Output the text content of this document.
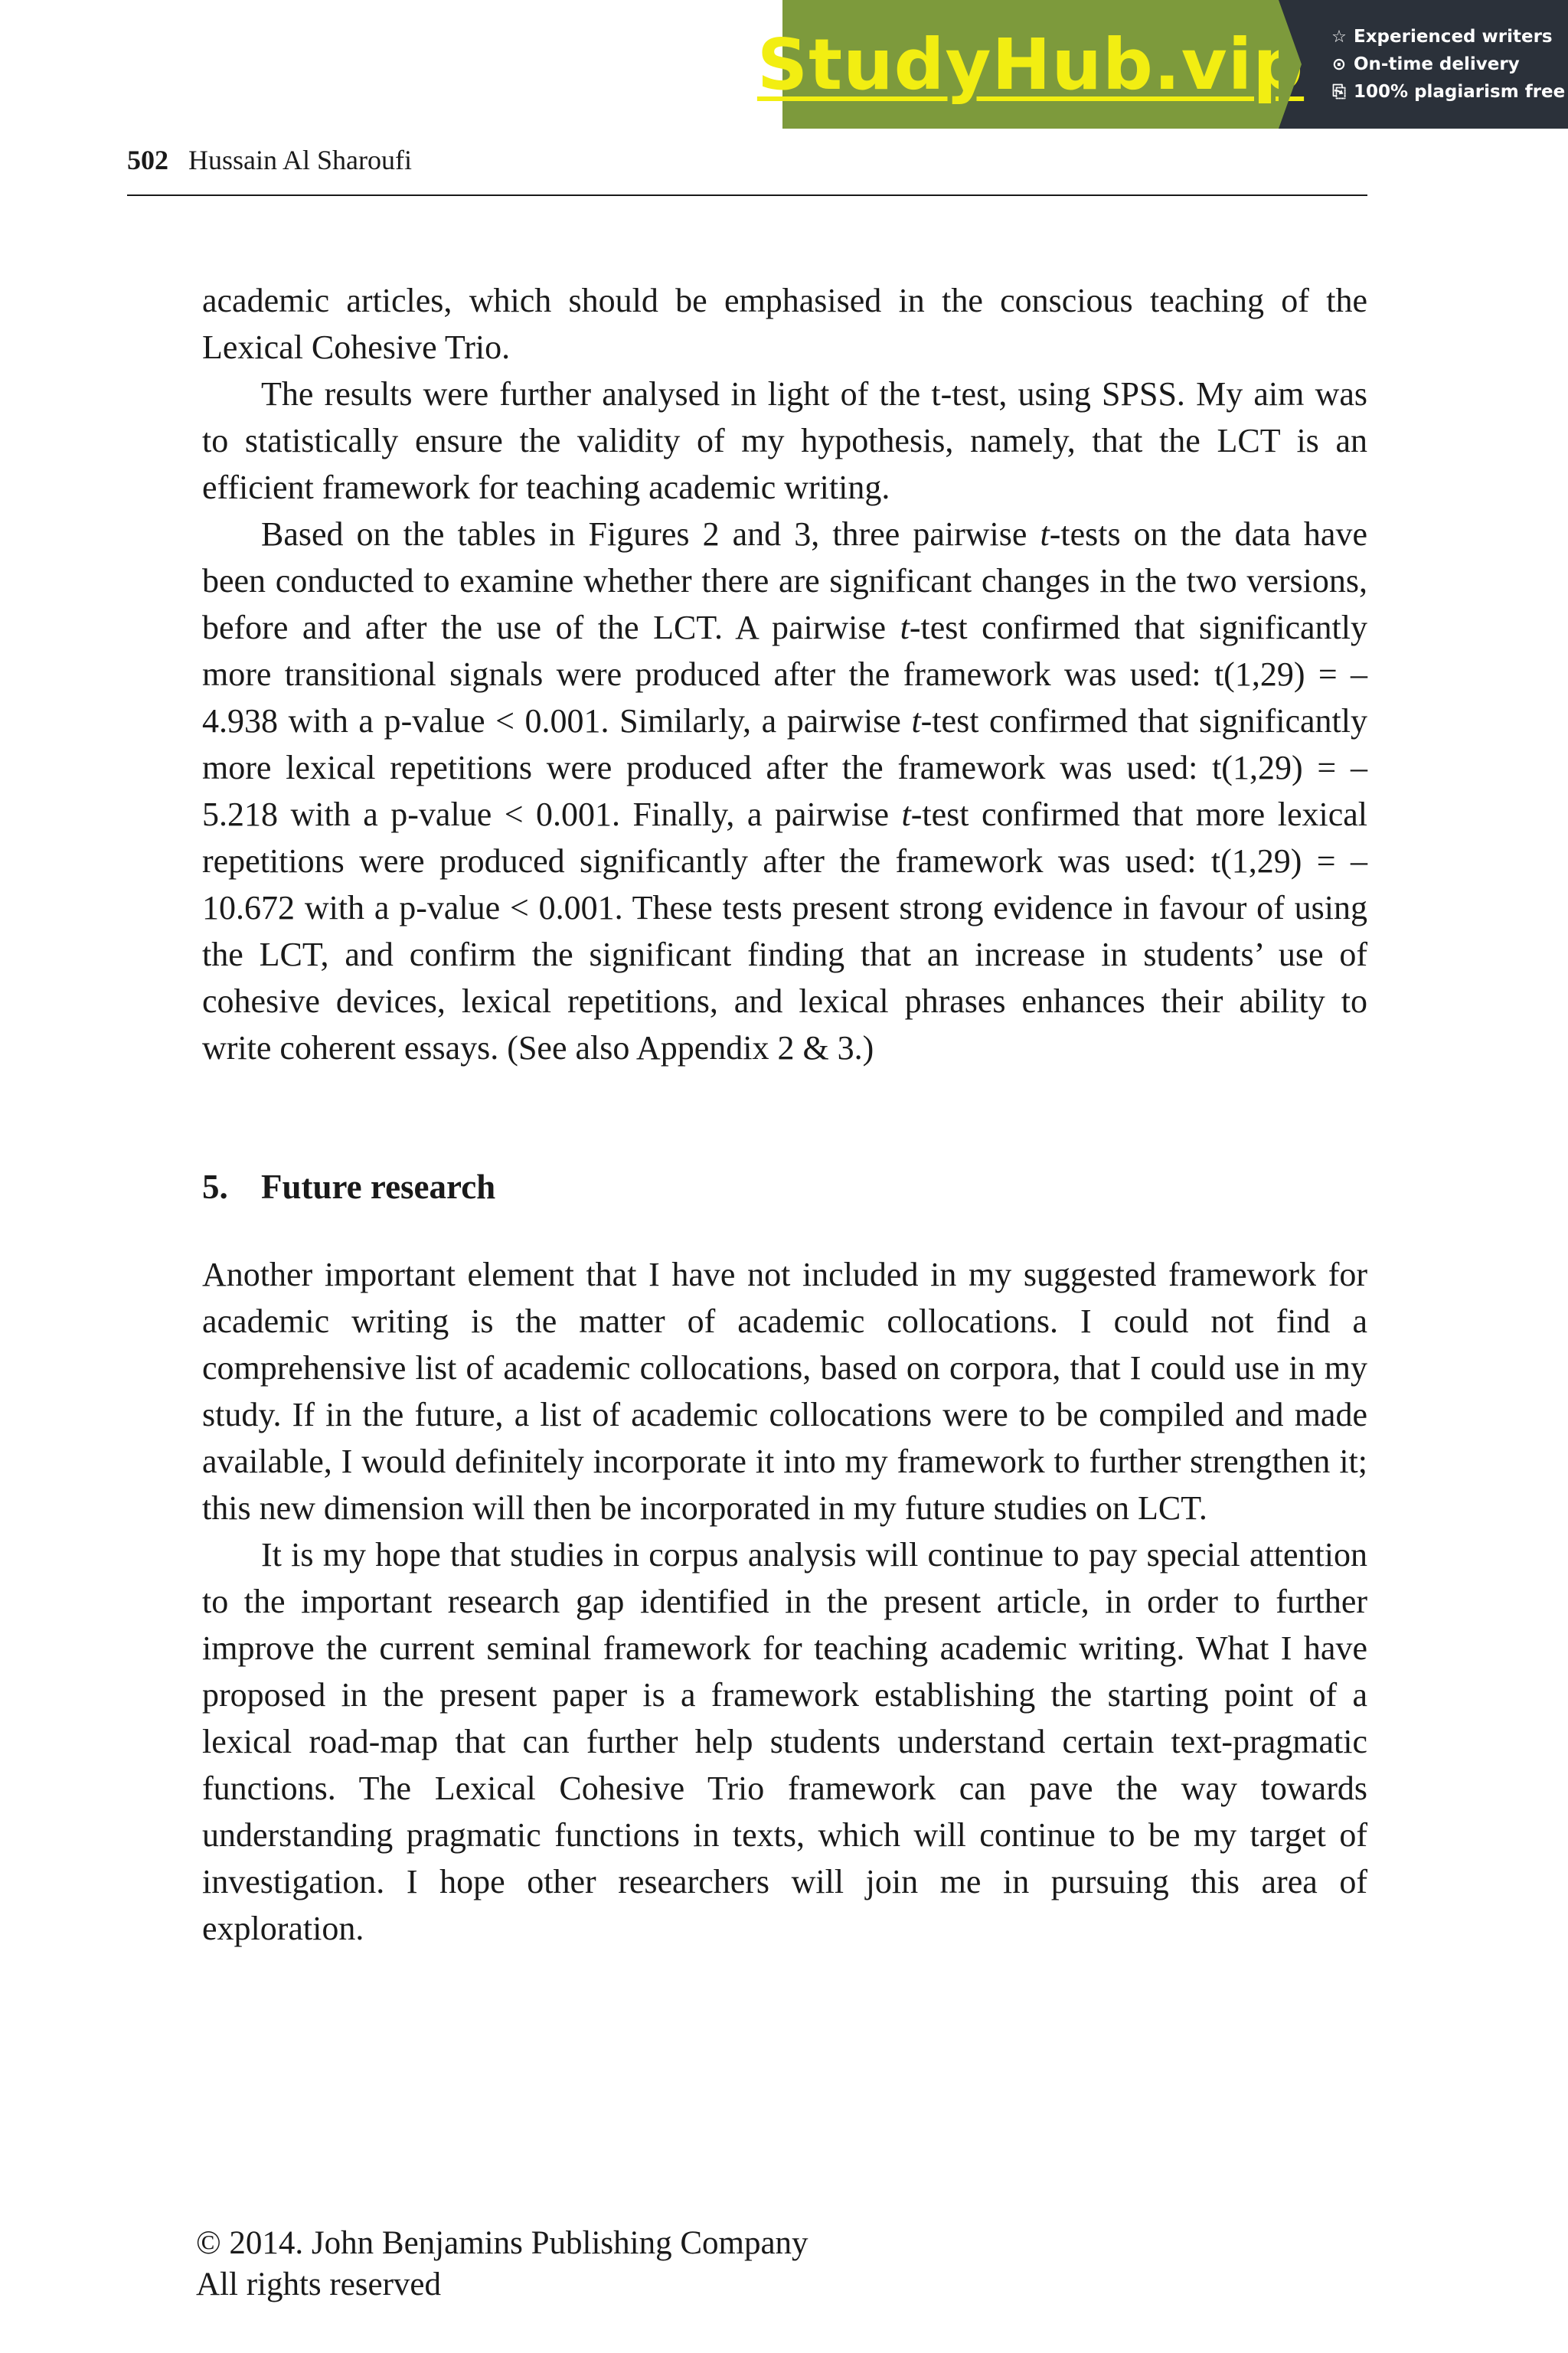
StudyHub.vip ☆ Experienced writers
⊙ On-time delivery
⎘ 100% plagiarism free
502 Hussain Al Sharoufi

academic articles, which should be emphasised in the conscious teaching of the Lexical Cohesive Trio.

The results were further analysed in light of the t-test, using SPSS. My aim was to statistically ensure the validity of my hypothesis, namely, that the LCT is an efficient framework for teaching academic writing.

Based on the tables in Figures 2 and 3, three pairwise t-tests on the data have been conducted to examine whether there are significant changes in the two versions, before and after the use of the LCT. A pairwise t-test confirmed that significantly more transitional signals were produced after the framework was used: t(1,29) = –4.938 with a p-value < 0.001. Similarly, a pairwise t-test confirmed that significantly more lexical repetitions were produced after the framework was used: t(1,29) = –5.218 with a p-value < 0.001. Finally, a pairwise t-test confirmed that more lexical repetitions were produced significantly after the framework was used: t(1,29) = –10.672 with a p-value < 0.001. These tests present strong evidence in favour of using the LCT, and confirm the significant finding that an increase in students’ use of cohesive devices, lexical repetitions, and lexical phrases enhances their ability to write coherent essays. (See also Appendix 2 & 3.)

5. Future research

Another important element that I have not included in my suggested framework for academic writing is the matter of academic collocations. I could not find a comprehensive list of academic collocations, based on corpora, that I could use in my study. If in the future, a list of academic collocations were to be compiled and made available, I would definitely incorporate it into my framework to further strengthen it; this new dimension will then be incorporated in my future studies on LCT.

It is my hope that studies in corpus analysis will continue to pay special attention to the important research gap identified in the present article, in order to further improve the current seminal framework for teaching academic writing. What I have proposed in the present paper is a framework establishing the starting point of a lexical road-map that can further help students understand certain text-pragmatic functions. The Lexical Cohesive Trio framework can pave the way towards understanding pragmatic functions in texts, which will continue to be my target of investigation. I hope other researchers will join me in pursuing this area of exploration.

© 2014. John Benjamins Publishing Company
All rights reserved
